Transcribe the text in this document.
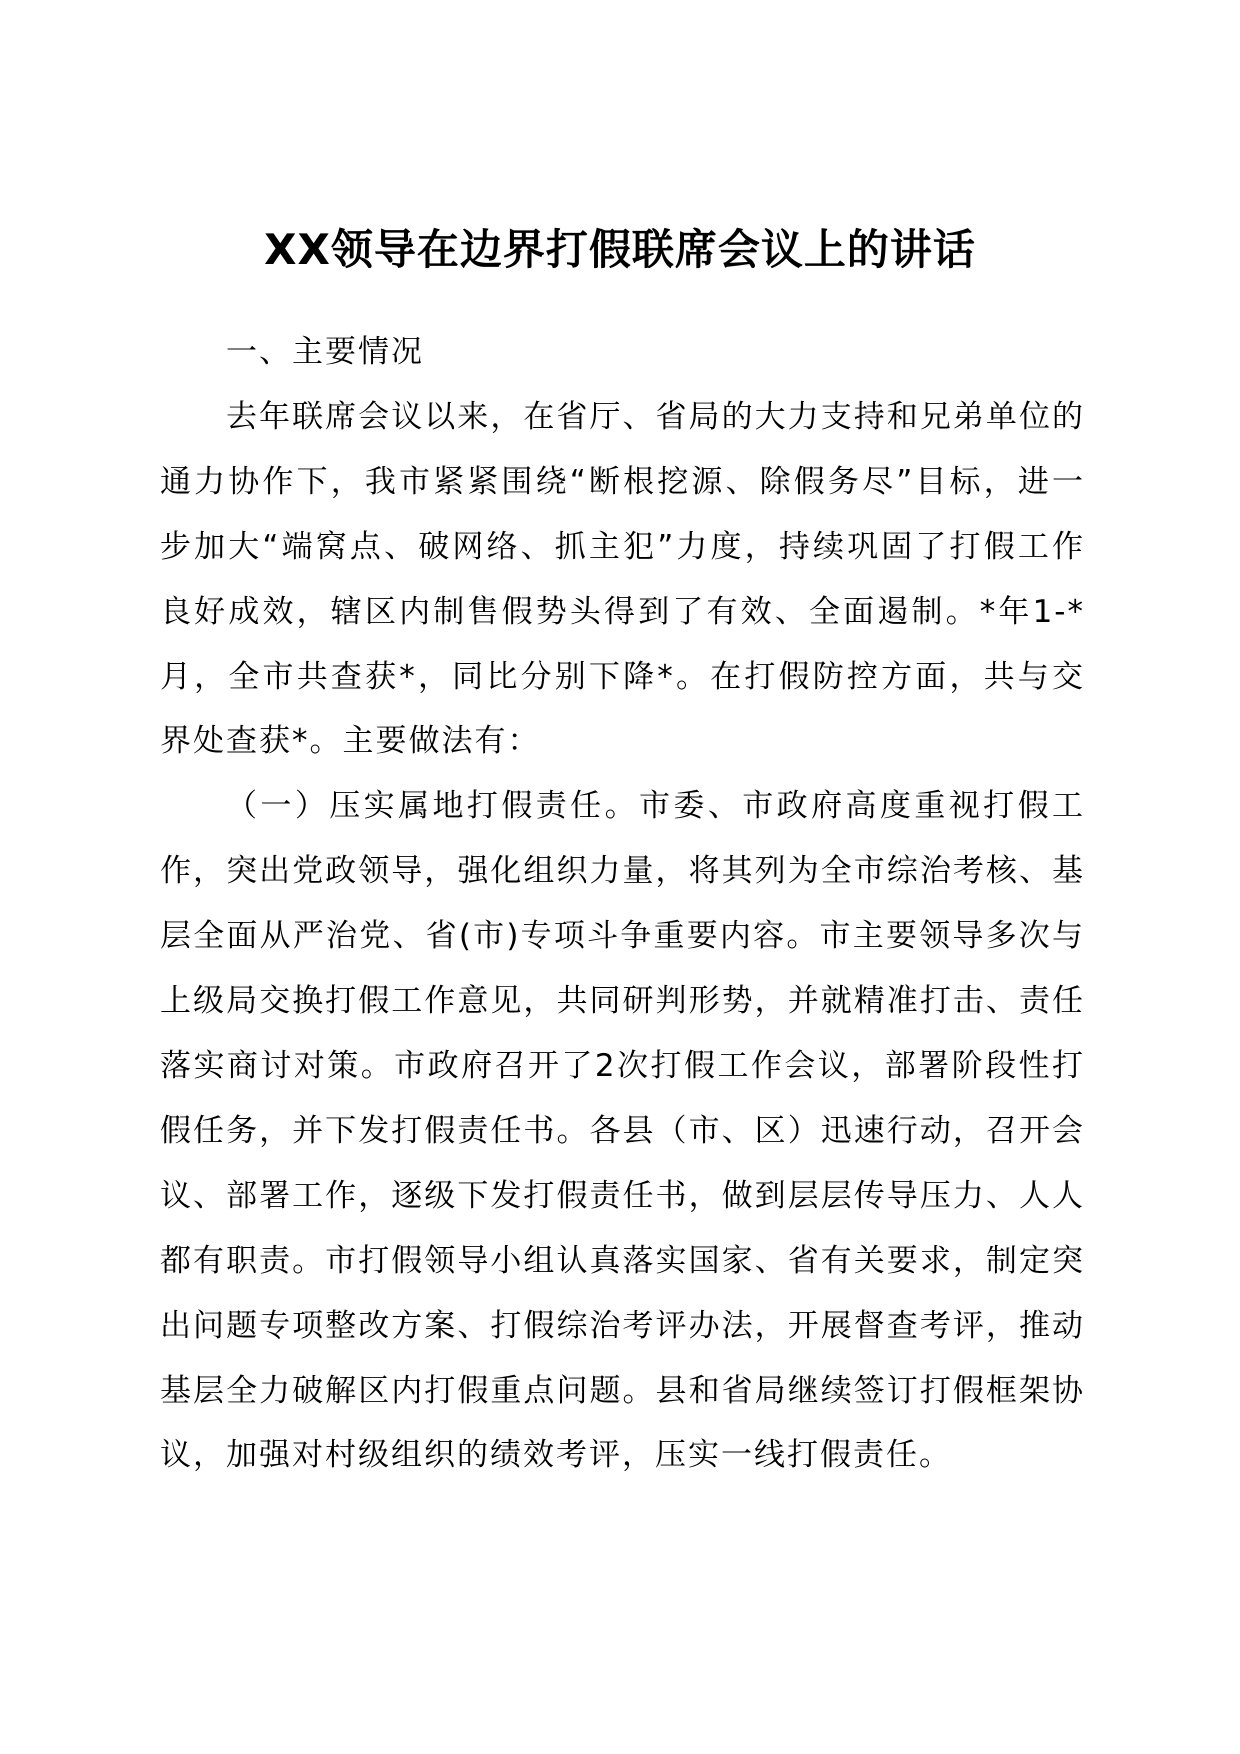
XX领导在边界打假联席会议上的讲话

一、主要情况

去年联席会议以来，在省厅、省局的大力支持和兄弟单位的通力协作下，我市紧紧围绕“断根挖源、除假务尽”目标，进一步加大“端窝点、破网络、抓主犯”力度，持续巩固了打假工作良好成效，辖区内制售假势头得到了有效、全面遏制。*年1-*月，全市共查获*，同比分别下降*。在打假防控方面，共与交界处查获*。主要做法有：

（一）压实属地打假责任。市委、市政府高度重视打假工作，突出党政领导，强化组织力量，将其列为全市综治考核、基层全面从严治党、省(市)专项斗争重要内容。市主要领导多次与上级局交换打假工作意见，共同研判形势，并就精准打击、责任落实商讨对策。市政府召开了2次打假工作会议，部署阶段性打假任务，并下发打假责任书。各县（市、区）迅速行动，召开会议、部署工作，逐级下发打假责任书，做到层层传导压力、人人都有职责。市打假领导小组认真落实国家、省有关要求，制定突出问题专项整改方案、打假综治考评办法，开展督查考评，推动基层全力破解区内打假重点问题。县和省局继续签订打假框架协议，加强对村级组织的绩效考评，压实一线打假责任。
